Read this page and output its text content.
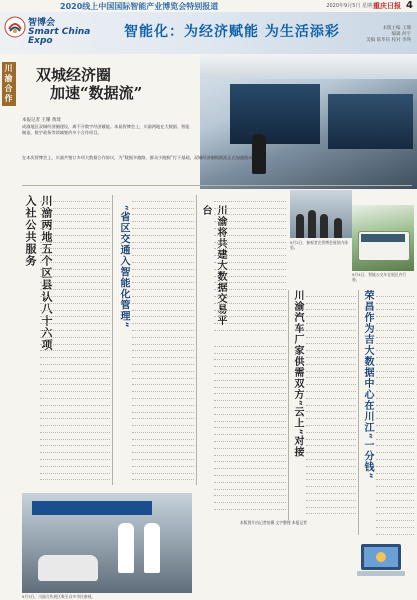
2020线上中国国际智能产业博览会特别报道	2020年9月5日 星期六
重庆日报 4
智博会
Smart China
Expo
智能化：为经济赋能 为生活添彩	本版主编 王珊
编辑 何宇
美编 陈华钰 校对 李瑛
川渝合作 双城经济圈
加速“数据流”
本报记者 王珊 黄琦
成渝地区双城经济圈建设，离不开数字经济赋能。本届智博会上，川渝两地在大数据、智能制造、数字政务等领域签约多个合作项目。
在本次智博会上，川渝共签订多项大数据合作协议，为“数据多跑路、群众少跑腿”打下基础，双城经济圈数据流正在加速流动。
川渝两地五个区县认八十六项入社公共服务	“省区交通入智能化管理”	川渝将共建大数据交易平台
9月2日，参观者在智博会展馆内体验。
9月4日，智能公交车在展区内行驶。
川渝汽车厂家供需双方“云上”对接	荣昌作为吉大数据中心在川江“一分钱”
9月3日，川渝合作展区吸引众多市民参观。
本版图片由记者拍摄 文字整理 本报记者
